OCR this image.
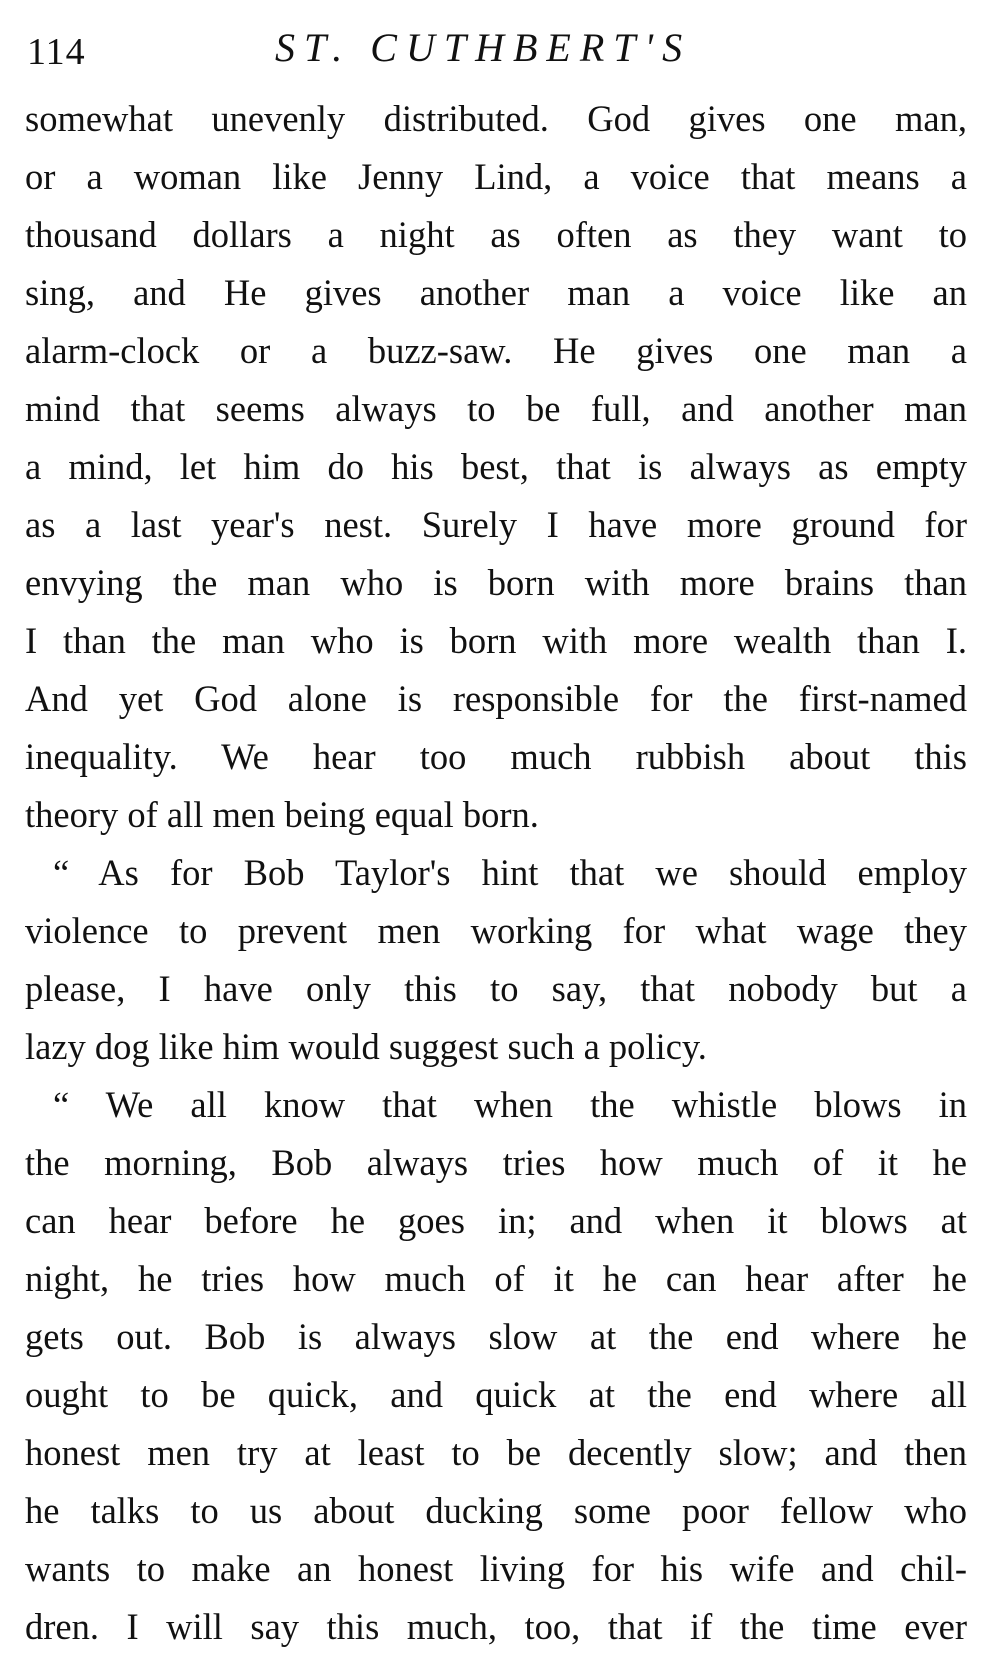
114	ST. CUTHBERT'S
somewhat unevenly distributed. God gives one man,
or a woman like Jenny Lind, a voice that means a
thousand dollars a night as often as they want to
sing, and He gives another man a voice like an
alarm-clock or a buzz-saw. He gives one man a
mind that seems always to be full, and another man
a mind, let him do his best, that is always as empty
as a last year's nest. Surely I have more ground for
envying the man who is born with more brains than
I than the man who is born with more wealth than I.
And yet God alone is responsible for the first-named
inequality. We hear too much rubbish about this
theory of all men being equal born.
“ As for Bob Taylor's hint that we should employ
violence to prevent men working for what wage they
please, I have only this to say, that nobody but a
lazy dog like him would suggest such a policy.
“ We all know that when the whistle blows in
the morning, Bob always tries how much of it he
can hear before he goes in; and when it blows at
night, he tries how much of it he can hear after he
gets out. Bob is always slow at the end where he
ought to be quick, and quick at the end where all
honest men try at least to be decently slow; and then
he talks to us about ducking some poor fellow who
wants to make an honest living for his wife and chil-
dren. I will say this much, too, that if the time ever
